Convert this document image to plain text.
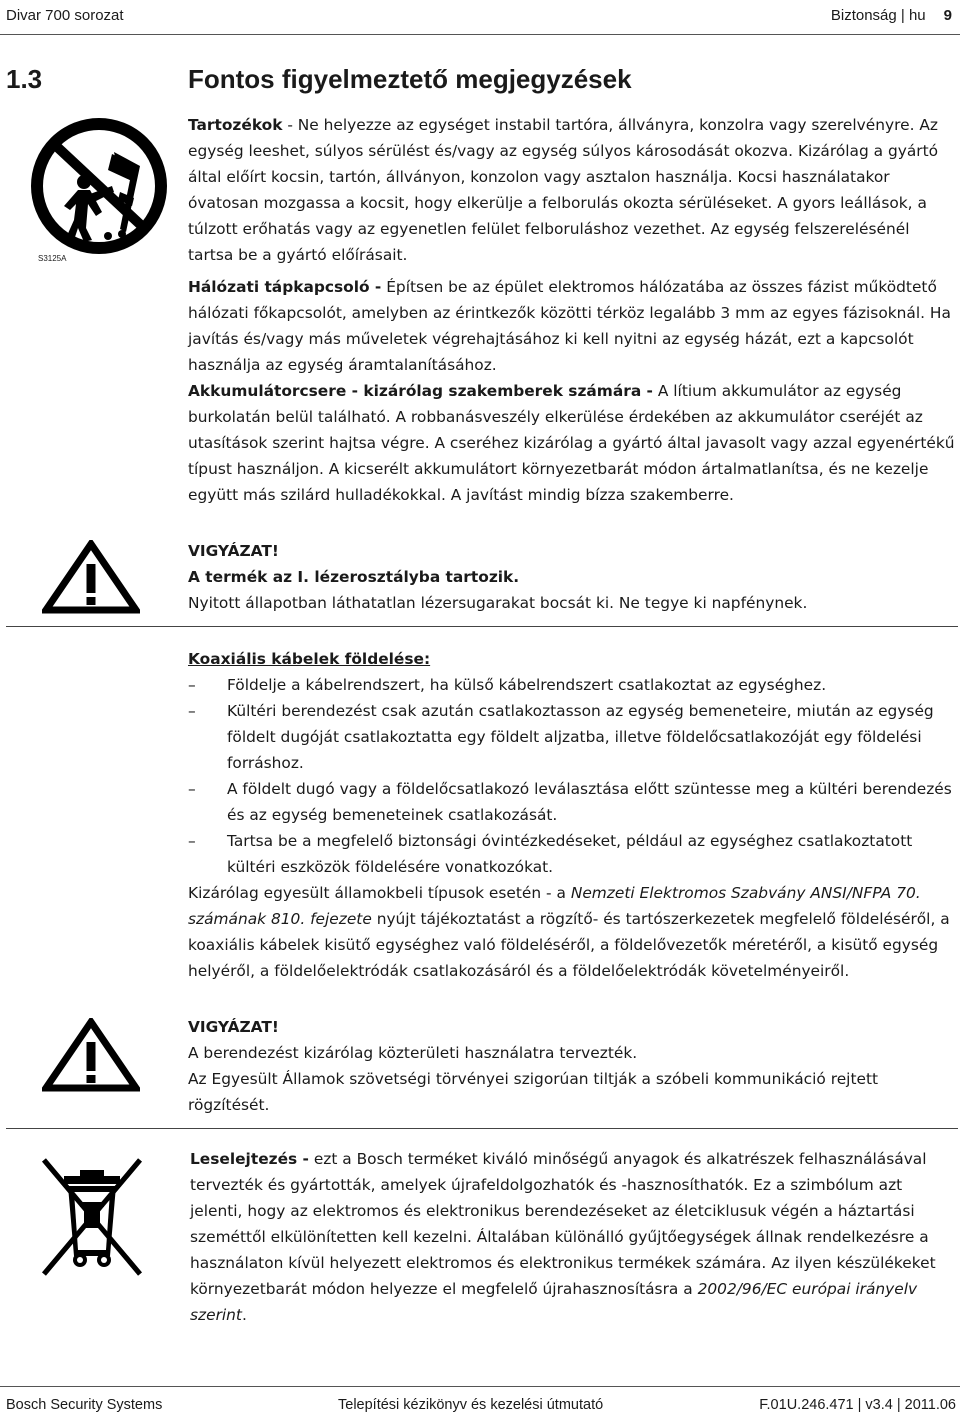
Divar 700 sorozat	Biztonság | hu 9
1.3	Fontos figyelmeztető megjegyzések
S3125A

Tartozékok - Ne helyezze az egységet instabil tartóra, állványra, konzolra vagy szerelvényre. Az egység leeshet, súlyos sérülést és/vagy az egység súlyos károsodását okozva. Kizárólag a gyártó által előírt kocsin, tartón, állványon, konzolon vagy asztalon használja. Kocsi használatakor óvatosan mozgassa a kocsit, hogy elkerülje a felborulás okozta sérüléseket. A gyors leállások, a túlzott erőhatás vagy az egyenetlen felület felboruláshoz vezethet. Az egység felszerelésénél tartsa be a gyártó előírásait.

Hálózati tápkapcsoló - Építsen be az épület elektromos hálózatába az összes fázist működtető hálózati főkapcsolót, amelyben az érintkezők közötti térköz legalább 3 mm az egyes fázisoknál. Ha javítás és/vagy más műveletek végrehajtásához ki kell nyitni az egység házát, ezt a kapcsolót használja az egység áramtalanításához.

Akkumulátorcsere - kizárólag szakemberek számára - A lítium akkumulátor az egység burkolatán belül található. A robbanásveszély elkerülése érdekében az akkumulátor cseréjét az utasítások szerint hajtsa végre. A cseréhez kizárólag a gyártó által javasolt vagy azzal egyenértékű típust használjon. A kicserélt akkumulátort környezetbarát módon ártalmatlanítsa, és ne kezelje együtt más szilárd hulladékokkal. A javítást mindig bízza szakemberre.

VIGYÁZAT!

A termék az I. lézerosztályba tartozik.

Nyitott állapotban láthatatlan lézersugarakat bocsát ki. Ne tegye ki napfénynek.

Koaxiális kábelek földelése:

–	Földelje a kábelrendszert, ha külső kábelrendszert csatlakoztat az egységhez.
–	Kültéri berendezést csak azután csatlakoztasson az egység bemeneteire, miután az egység földelt dugóját csatlakoztatta egy földelt aljzatba, illetve földelőcsatlakozóját egy földelési forráshoz.
–	A földelt dugó vagy a földelőcsatlakozó leválasztása előtt szüntesse meg a kültéri berendezés és az egység bemeneteinek csatlakozását.
–	Tartsa be a megfelelő biztonsági óvintézkedéseket, például az egységhez csatlakoztatott kültéri eszközök földelésére vonatkozókat.

Kizárólag egyesült államokbeli típusok esetén - a Nemzeti Elektromos Szabvány ANSI/NFPA 70. számának 810. fejezete nyújt tájékoztatást a rögzítő- és tartószerkezetek megfelelő földeléséről, a koaxiális kábelek kisütő egységhez való földeléséről, a földelővezetők méretéről, a kisütő egység helyéről, a földelőelektródák csatlakozásáról és a földelőelektródák követelményeiről.

VIGYÁZAT!

A berendezést kizárólag közterületi használatra tervezték.

Az Egyesült Államok szövetségi törvényei szigorúan tiltják a szóbeli kommunikáció rejtett rögzítését.

Leselejtezés - ezt a Bosch terméket kiváló minőségű anyagok és alkatrészek felhasználásával tervezték és gyártották, amelyek újrafeldolgozhatók és -hasznosíthatók. Ez a szimbólum azt jelenti, hogy az elektromos és elektronikus berendezéseket az életciklusuk végén a háztartási szeméttől elkülönítetten kell kezelni. Általában különálló gyűjtőegységek állnak rendelkezésre a használaton kívül helyezett elektromos és elektronikus termékek számára. Az ilyen készülékeket környezetbarát módon helyezze el megfelelő újrahasznosításra a 2002/96/EC európai irányelv szerint.

Bosch Security Systems	Telepítési kézikönyv és kezelési útmutató	F.01U.246.471 | v3.4 | 2011.06
